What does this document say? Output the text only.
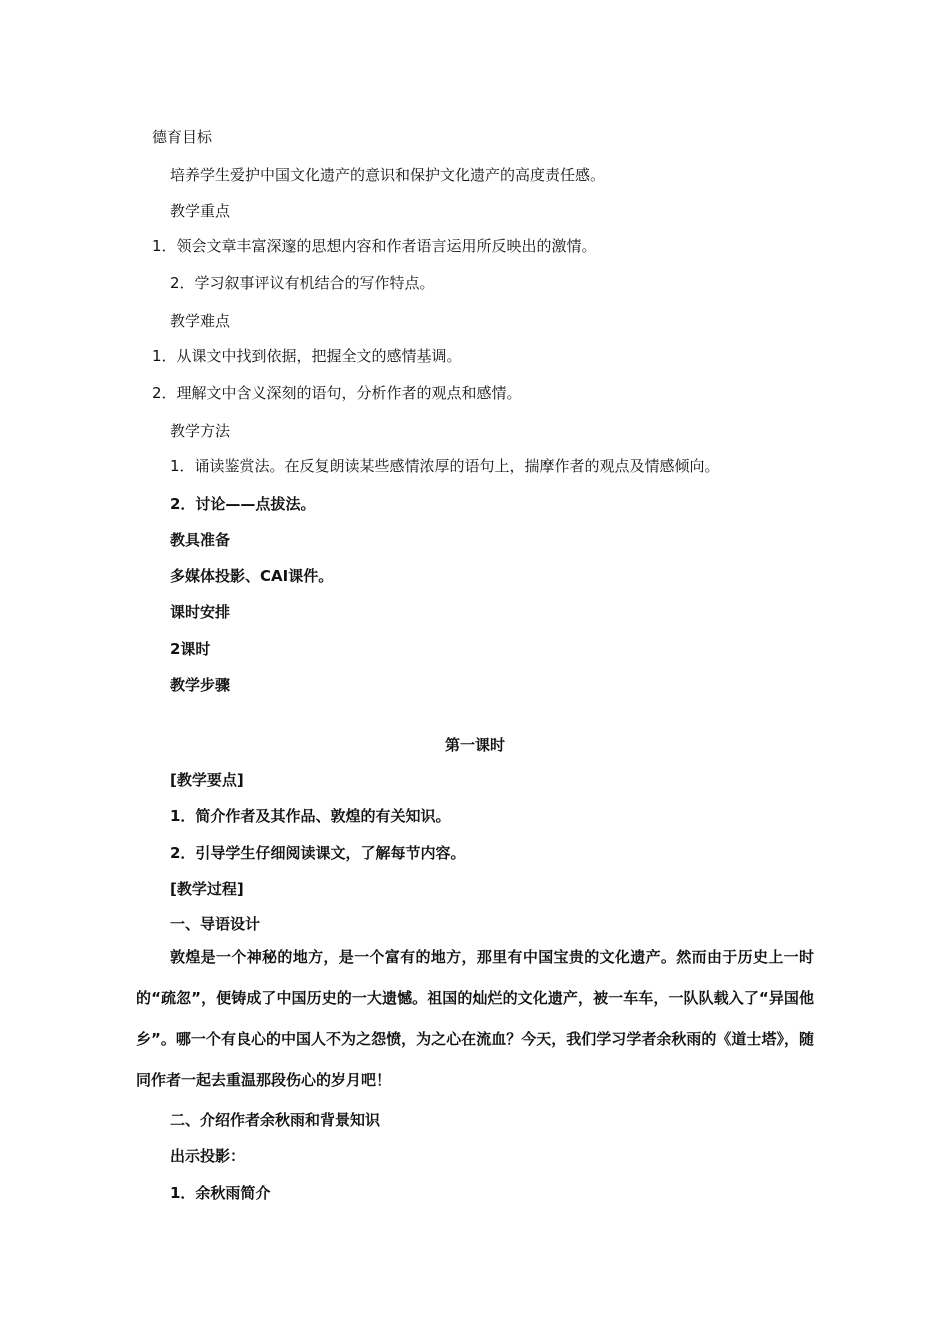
德育目标
培养学生爱护中国文化遗产的意识和保护文化遗产的高度责任感。
教学重点
1．领会文章丰富深邃的思想内容和作者语言运用所反映出的激情。
2．学习叙事评议有机结合的写作特点。
教学难点
1．从课文中找到依据，把握全文的感情基调。
2．理解文中含义深刻的语句，分析作者的观点和感情。
教学方法
1．诵读鉴赏法。在反复朗读某些感情浓厚的语句上，揣摩作者的观点及情感倾向。
2．讨论——点拔法。
教具准备
多媒体投影、CAI课件。
课时安排
2课时
教学步骤
第一课时
[教学要点]
1．简介作者及其作品、敦煌的有关知识。
2．引导学生仔细阅读课文，了解每节内容。
[教学过程]
一、导语设计
敦煌是一个神秘的地方，是一个富有的地方，那里有中国宝贵的文化遗产。然而由于历史上一时的“疏忽”，便铸成了中国历史的一大遗憾。祖国的灿烂的文化遗产，被一车车，一队队载入了“异国他乡”。哪一个有良心的中国人不为之怨愤，为之心在流血？今天，我们学习学者余秋雨的《道士塔》，随同作者一起去重温那段伤心的岁月吧！
二、介绍作者余秋雨和背景知识
出示投影：
1．余秋雨简介
